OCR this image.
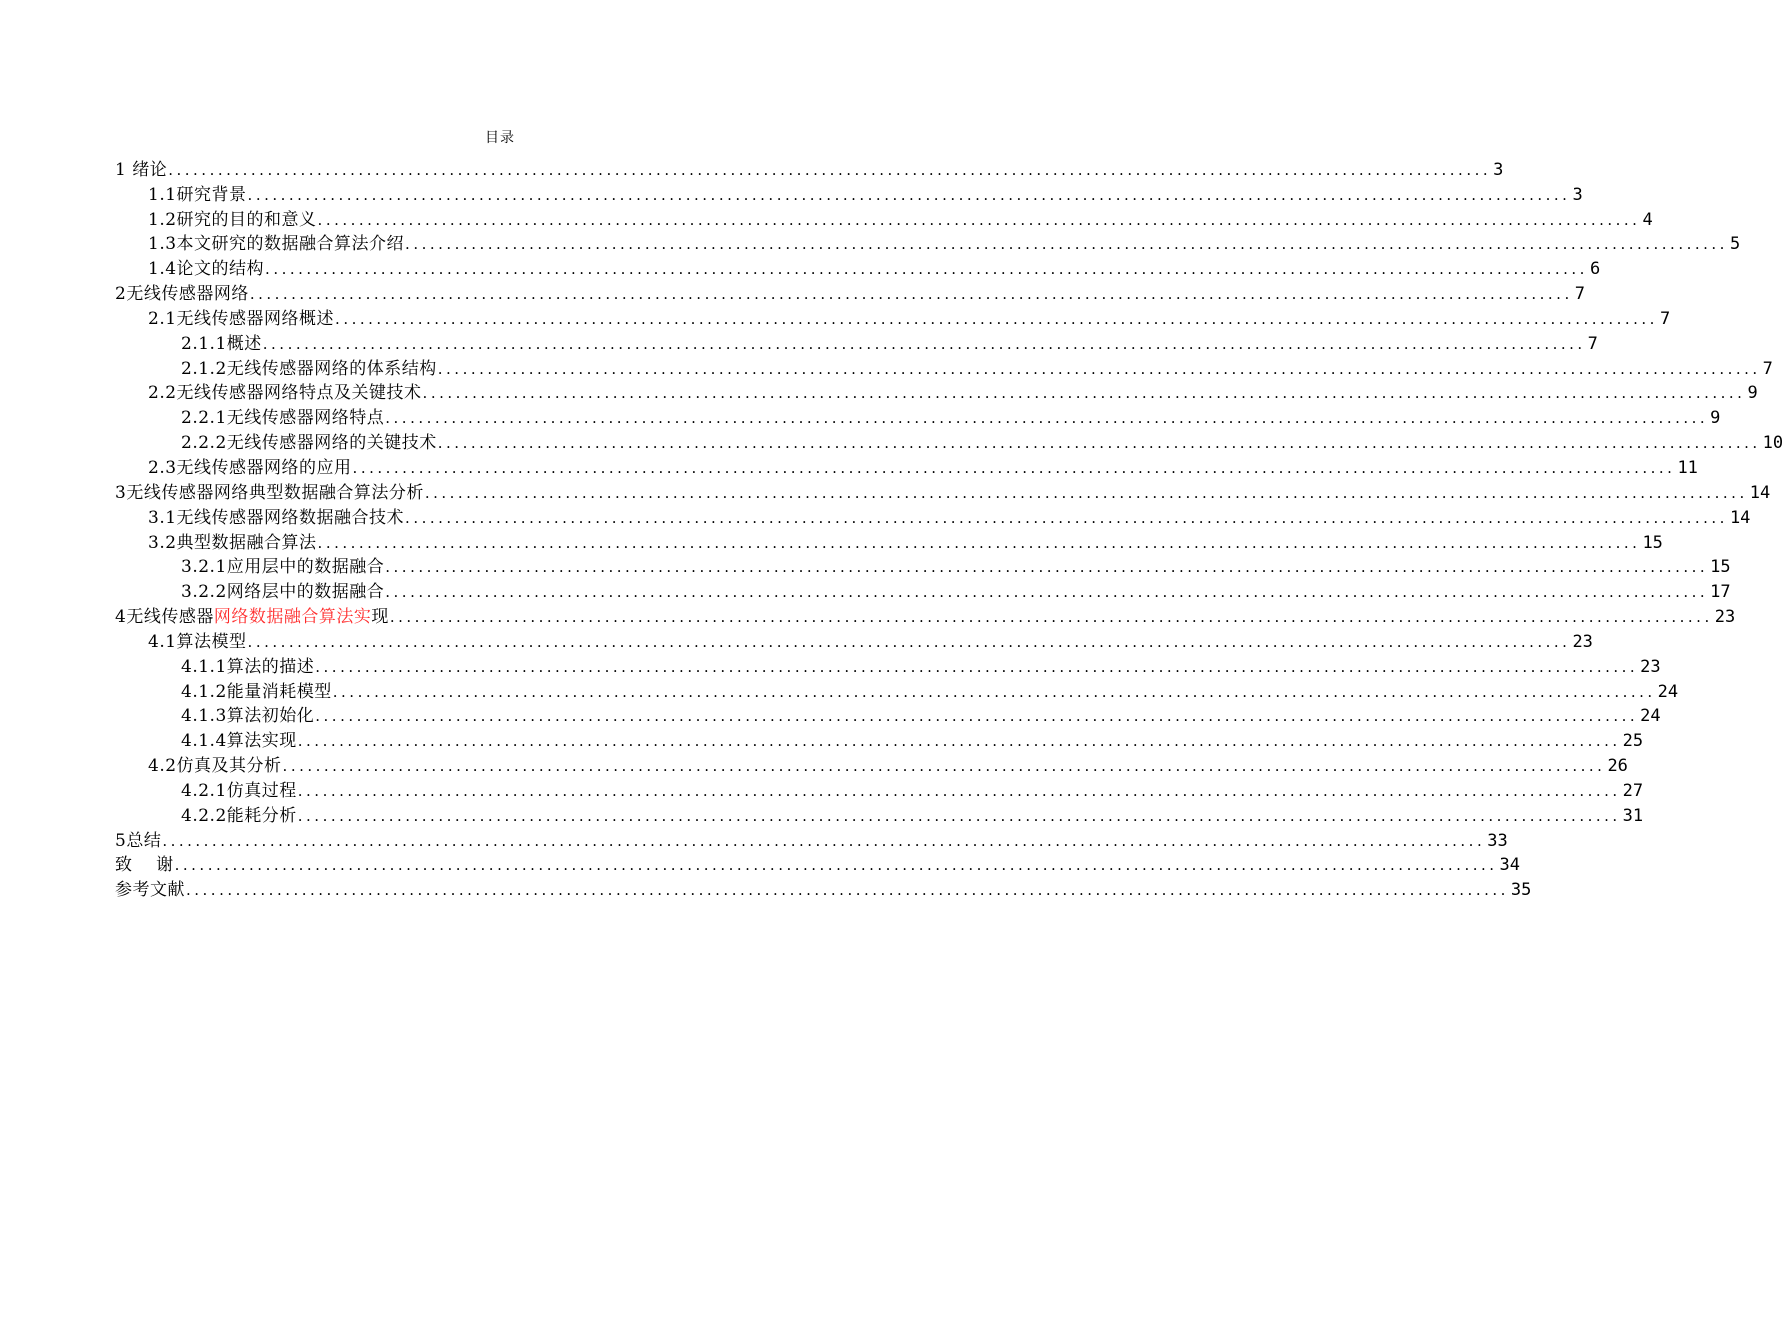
目录
1 绪论 ................................................................................................................................................................ 3
1.1研究背景 ................................................................................................................................................................ 3
1.2研究的目的和意义 ................................................................................................................................................................ 4
1.3本文研究的数据融合算法介绍 ................................................................................................................................................................ 5
1.4论文的结构 ................................................................................................................................................................ 6
2无线传感器网络 ................................................................................................................................................................ 7
2.1无线传感器网络概述 ................................................................................................................................................................ 7
2.1.1概述 ................................................................................................................................................................ 7
2.1.2无线传感器网络的体系结构 ................................................................................................................................................................ 7
2.2无线传感器网络特点及关键技术 ................................................................................................................................................................ 9
2.2.1无线传感器网络特点 ................................................................................................................................................................ 9
2.2.2无线传感器网络的关键技术 ................................................................................................................................................................ 10
2.3无线传感器网络的应用 ................................................................................................................................................................ 11
3无线传感器网络典型数据融合算法分析 ................................................................................................................................................................ 14
3.1无线传感器网络数据融合技术 ................................................................................................................................................................ 14
3.2典型数据融合算法 ................................................................................................................................................................ 15
3.2.1应用层中的数据融合 ................................................................................................................................................................ 15
3.2.2网络层中的数据融合 ................................................................................................................................................................ 17
4无线传感器网络数据融合算法实现 ................................................................................................................................................................ 23
4.1算法模型 ................................................................................................................................................................ 23
4.1.1算法的描述 ................................................................................................................................................................ 23
4.1.2能量消耗模型 ................................................................................................................................................................ 24
4.1.3算法初始化 ................................................................................................................................................................ 24
4.1.4算法实现 ................................................................................................................................................................ 25
4.2仿真及其分析 ................................................................................................................................................................ 26
4.2.1仿真过程 ................................................................................................................................................................ 27
4.2.2能耗分析 ................................................................................................................................................................ 31
5总结 ................................................................................................................................................................ 33
致    谢 ................................................................................................................................................................ 34
参考文献 ................................................................................................................................................................ 35
